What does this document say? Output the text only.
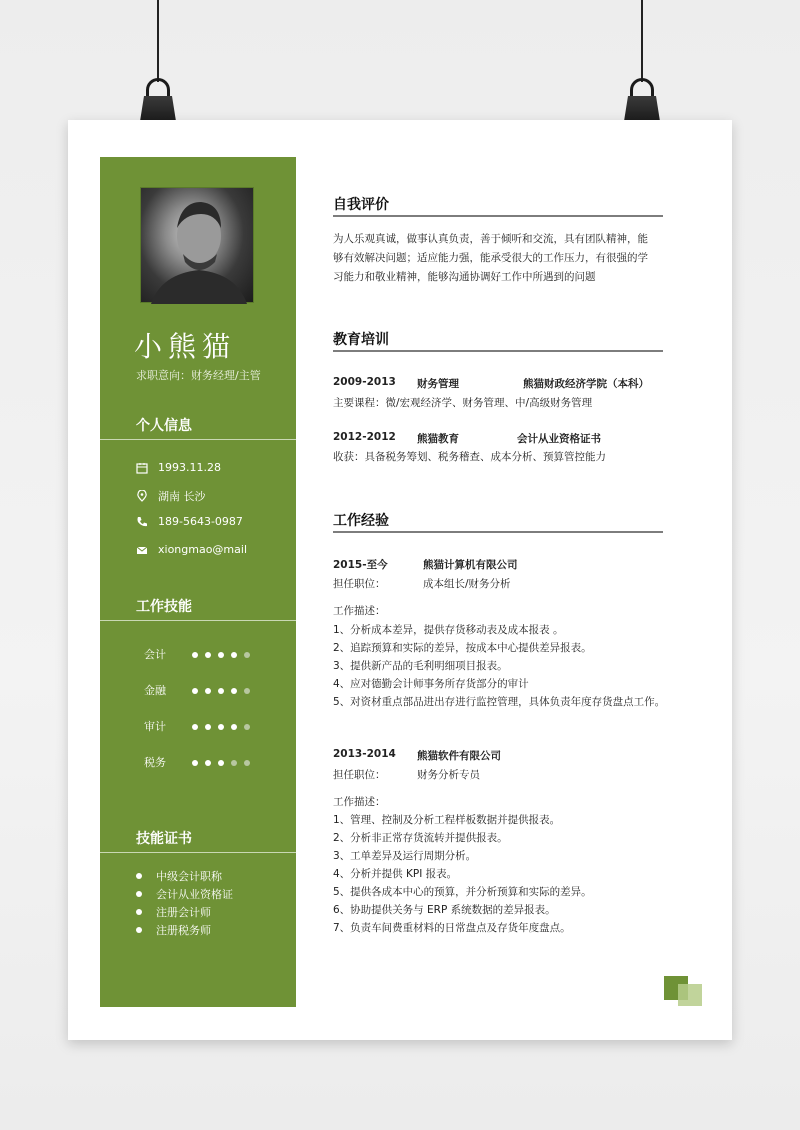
小熊猫
求职意向：财务经理/主管
个人信息
1993.11.28
湖南 长沙
189-5643-0987
xiongmao@mail
工作技能
会计
金融
审计
税务
技能证书
中级会计职称
会计从业资格证
注册会计师
注册税务师
自我评价
为人乐观真诚，做事认真负责，善于倾听和交流，具有团队精神，能
够有效解决问题；适应能力强，能承受很大的工作压力，有很强的学
习能力和敬业精神，能够沟通协调好工作中所遇到的问题
教育培训
2009-2013 财务管理	熊猫财政经济学院（本科）
主要课程：微/宏观经济学、财务管理、中/高级财务管理
2012-2012 熊猫教育	会计从业资格证书
收获：具备税务筹划、税务稽查、成本分析、预算管控能力
工作经验
2015-至今	熊猫计算机有限公司
担任职位：	成本组长/财务分析
工作描述：
1、分析成本差异，提供存货移动表及成本报表 。
2、追踪预算和实际的差异，按成本中心提供差异报表。
3、提供新产品的毛利明细项目报表。
4、应对德勤会计师事务所存货部分的审计
5、对资材重点部品进出存进行监控管理，具体负责年度存货盘点工作。
2013-2014 熊猫软件有限公司
担任职位：	财务分析专员
工作描述：
1、管理、控制及分析工程样板数据并提供报表。
2、分析非正常存货流转并提供报表。
3、工单差异及运行周期分析。
4、分析并提供 KPI 报表。
5、提供各成本中心的预算，并分析预算和实际的差异。
6、协助提供关务与 ERP 系统数据的差异报表。
7、负责车间费重材料的日常盘点及存货年度盘点。
